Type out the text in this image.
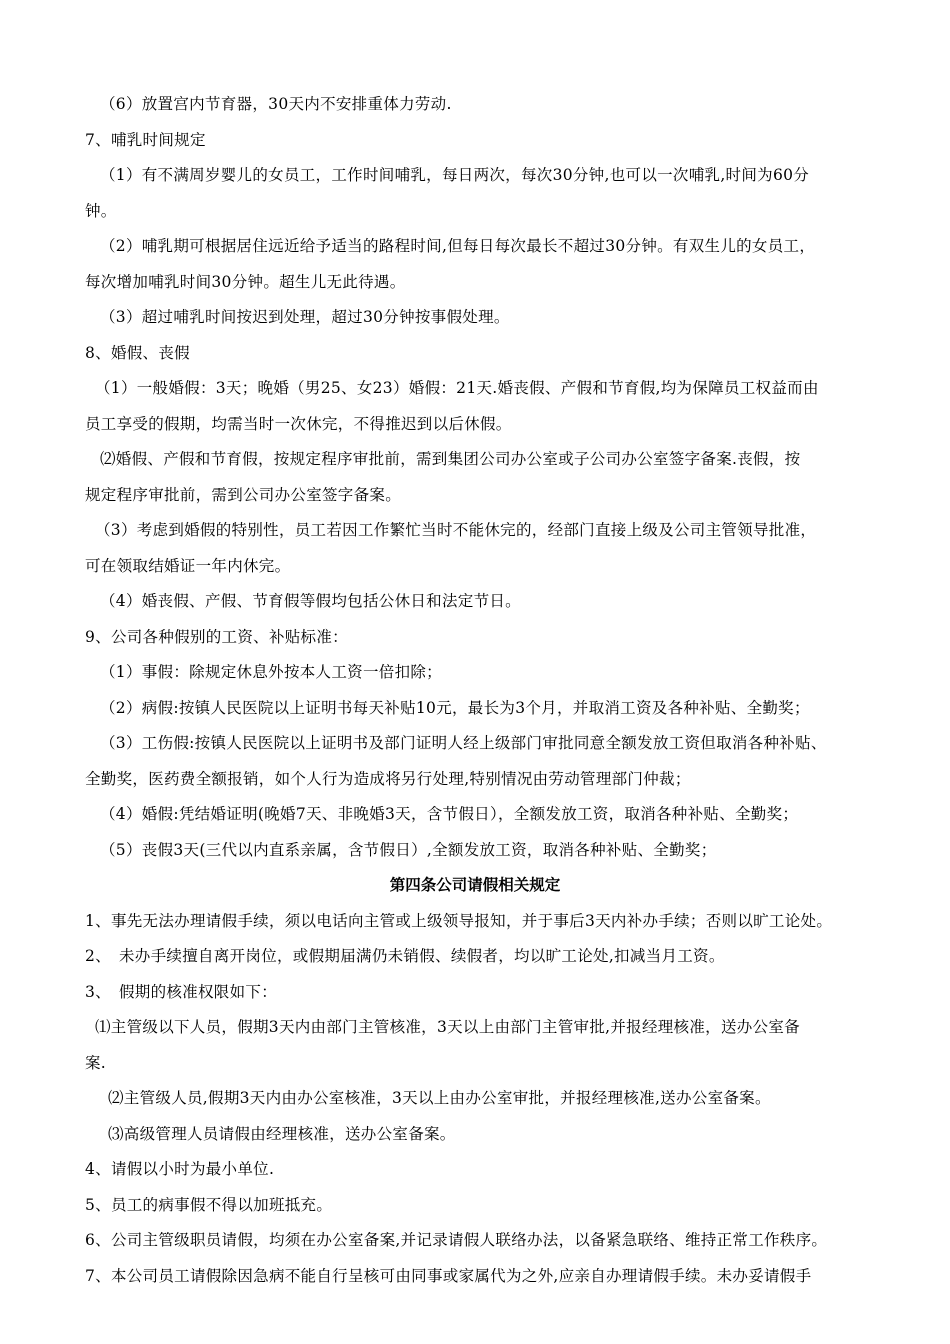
（6）放置宫内节育器，30天内不安排重体力劳动.
7、哺乳时间规定
（1）有不满周岁婴儿的女员工，工作时间哺乳，每日两次，每次30分钟,也可以一次哺乳,时间为60分
钟。
（2）哺乳期可根据居住远近给予适当的路程时间,但每日每次最长不超过30分钟。有双生儿的女员工，
每次增加哺乳时间30分钟。超生儿无此待遇。
（3）超过哺乳时间按迟到处理，超过30分钟按事假处理。
8、婚假、丧假
（1）一般婚假：3天；晚婚（男25、女23）婚假：21天.婚丧假、产假和节育假,均为保障员工权益而由
员工享受的假期，均需当时一次休完，不得推迟到以后休假。
⑵婚假、产假和节育假，按规定程序审批前，需到集团公司办公室或子公司办公室签字备案.丧假，按
规定程序审批前，需到公司办公室签字备案。
（3）考虑到婚假的特别性，员工若因工作繁忙当时不能休完的，经部门直接上级及公司主管领导批准，
可在领取结婚证一年内休完。
（4）婚丧假、产假、节育假等假均包括公休日和法定节日。
9、公司各种假别的工资、补贴标准：
（1）事假：除规定休息外按本人工资一倍扣除；
（2）病假:按镇人民医院以上证明书每天补贴10元，最长为3个月，并取消工资及各种补贴、全勤奖；
（3）工伤假:按镇人民医院以上证明书及部门证明人经上级部门审批同意全额发放工资但取消各种补贴、
全勤奖，医药费全额报销，如个人行为造成将另行处理,特别情况由劳动管理部门仲裁；
（4）婚假:凭结婚证明(晚婚7天、非晚婚3天，含节假日），全额发放工资，取消各种补贴、全勤奖；
（5）丧假3天(三代以内直系亲属，含节假日）,全额发放工资，取消各种补贴、全勤奖；
第四条公司请假相关规定
1、事先无法办理请假手续，须以电话向主管或上级领导报知，并于事后3天内补办手续；否则以旷工论处。
2、　未办手续擅自离开岗位，或假期届满仍未销假、续假者，均以旷工论处,扣减当月工资。
3、　假期的核准权限如下：
⑴主管级以下人员，假期3天内由部门主管核准，3天以上由部门主管审批,并报经理核准，送办公室备
案.
⑵主管级人员,假期3天内由办公室核准，3天以上由办公室审批，并报经理核准,送办公室备案。
⑶高级管理人员请假由经理核准，送办公室备案。
4、请假以小时为最小单位.
5、员工的病事假不得以加班抵充。
6、公司主管级职员请假，均须在办公室备案,并记录请假人联络办法，以备紧急联络、维持正常工作秩序。
7、本公司员工请假除因急病不能自行呈核可由同事或家属代为之外,应亲自办理请假手续。未办妥请假手
